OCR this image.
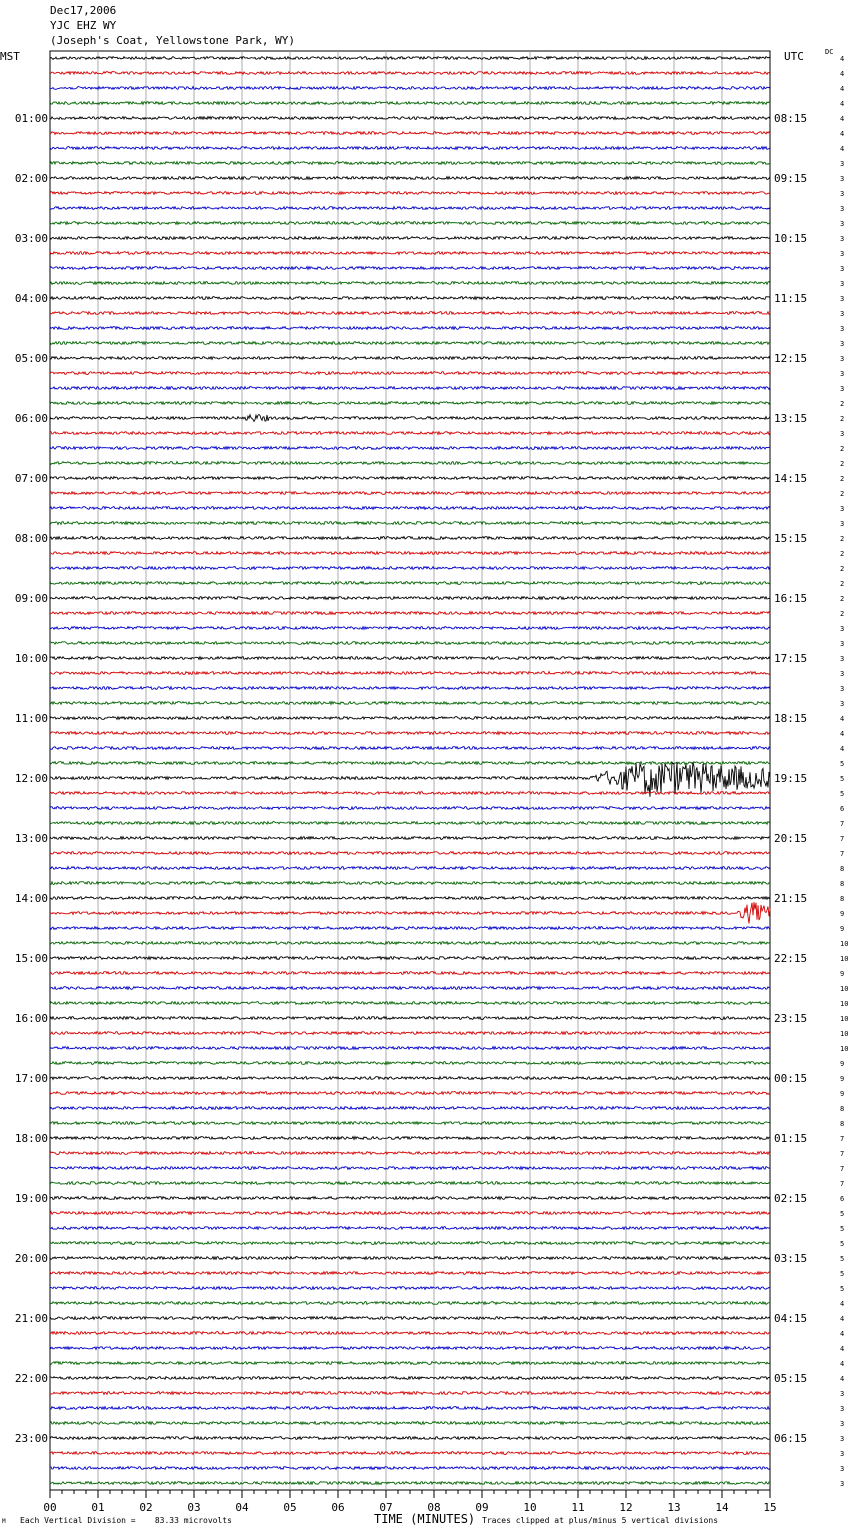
Dec17,2006
YJC EHZ WY
(Joseph's Coat, Yellowstone Park, WY)
MST	UTC	DC
TIME (MINUTES)
Each Vertical Division =    83.33 microvolts	Traces clipped at plus/minus 5 vertical divisions
M
4
4
4
4
4
4
4
3
3
3
3
3
3
3
3
3
3
3
3
3
3
3
3
2
2
3
2
2
2
2
3
3
2
2
2
2
2
2
3
3
3
3
3
3
4
4
4
5
5
5
6
7
7
7
8
8
8
9
9
10
10
9
10
10
10
10
10
9
9
9
8
8
7
7
7
7
6
5
5
5
5
5
5
4
4
4
4
4
4
3
3
3
3
3
3
3
01:00
02:00
03:00
04:00
05:00
06:00
07:00
08:00
09:00
10:00
11:00
12:00
13:00
14:00
15:00
16:00
17:00
18:00
19:00
20:00
21:00
22:00
23:00
08:15
09:15
10:15
11:15
12:15
13:15
14:15
15:15
16:15
17:15
18:15
19:15
20:15
21:15
22:15
23:15
00:15
01:15
02:15
03:15
04:15
05:15
06:15
00	01	02	03	04	05	06	07	08	09	10	11	12	13	14	15
